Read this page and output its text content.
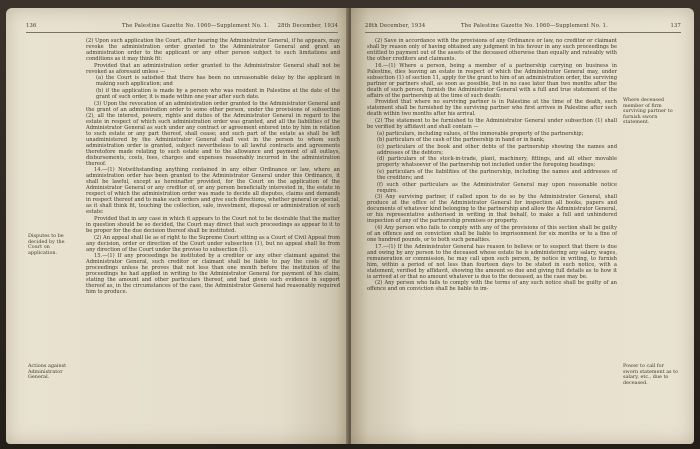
136	The Palestine Gazette No. 1060—Supplement No. 1. 28th December, 1934

(2) Upon such application the Court, after hearing the Administrator General, if he appears, may revoke the administration order granted to the Administrator General and grant an administration order to the applicant or any other person subject to such limitations and conditions as it may think fit:

Provided that an administration order granted to the Administrator General shall not be revoked as aforesaid unless —

(a) the Court is satisfied that there has been no unreasonable delay by the applicant in making such application; and

(b) if the application is made by a person who was resident in Palestine at the date of the grant of such order, it is made within one year after such date.

(3) Upon the revocation of an administration order granted to the Administrator General and the grant of an administration order to some other person, under the provisions of subsection (2), all the interest, powers, rights and duties of the Administrator General in regard to the estate in respect of which such administration order was granted, and all the liabilities of the Administrator General as such under any contract or agreement entered into by him in relation to such estate or any part thereof, shall cease; and such part of the estate as shall be left unadministered by the Administrator General shall vest in the person to whom such administration order is granted, subject nevertheless to all lawful contracts and agreements theretofore made relating to such estate and to the allowance and payment of all outlays, disbursements, costs, fees, charges and expenses reasonably incurred in the administration thereof.

14.—(1) Notwithstanding anything contained in any other Ordinance or law, where an administration order has been granted to the Administrator General under this Ordinance, it shall be lawful, except as hereinafter provided, for the Court on the application of the Administrator General or any creditor of, or any person beneficially interested in, the estate in respect of which the administration order was made to decide all disputes, claims and demands in respect thereof and to make such orders and give such directions, whether general or special, as it shall think fit, touching the collection, sale, investment, disposal or administration of such estate:

Provided that in any case in which it appears to the Court not to be desirable that the matter in question should be so decided, the Court may direct that such proceedings as appear to it to be proper for the due decision thereof shall be instituted.

(2) An appeal shall lie as of right to the Supreme Court sitting as a Court of Civil Appeal from any decision, order or direction of the Court under subsection (1), but no appeal shall lie from any direction of the Court under the proviso to subsection (1).

15.—(1) If any proceedings be instituted by a creditor or any other claimant against the Administrator General, such creditor or claimant shall be liable to pay the costs of the proceedings unless he proves that not less than one month before the institution of the proceedings he had applied in writing to the Administrator General for payment of his claim, stating the amount and other particulars thereof, and had given such evidence in support thereof as, in the circumstances of the case, the Administrator General had reasonably required him to produce.

Disputes to be decided by the Court on application.
Actions against Administrator General.
28th December, 1934	The Palestine Gazette No. 1060—Supplement No. 1.	137

(2) Save in accordance with the provisions of any Ordinance or law, no creditor or claimant shall by reason only of having obtained any judgment in his favour in any such proceedings be entitled to payment out of the assets of the deceased otherwise than equally and rateably with the other creditors and claimants.

16.—(1) Where a person, being a member of a partnership carrying on business in Palestine, dies leaving an estate in respect of which the Administrator General may, under subsection (1) of section 11, apply for the grant to him of an administration order, the surviving partner or partners shall, as soon as possible, but in no case later than two months after the death of such person, furnish the Administrator General with a full and true statement of the affairs of the partnership at the time of such death:

Provided that where no surviving partner is in Palestine at the time of the death, such statement shall be furnished by the surviving partner who first arrives in Palestine after such death within two months after his arrival.

(2) The statement to be furnished to the Administrator General under subsection (1) shall be verified by affidavit and shall contain —

(a) particulars, including values, of the immovable property of the partnership;

(b) particulars of the cash of the partnership in hand or in bank;

(c) particulars of the book and other debts of the partnership showing the names and addresses of the debtors;

(d) particulars of the stock-in-trade, plant, machinery, fittings, and all other movable property whatsoever of the partnership not included under the foregoing headings;

(e) particulars of the liabilities of the partnership, including the names and addresses of the creditors; and

(f) such other particulars as the Administrator General may upon reasonable notice require.

(3) Any surviving partner, if called upon to do so by the Administrator General, shall produce at the office of the Administrator General for inspection all books, papers and documents of whatever kind belonging to the partnership and allow the Administrator General, or his representative authorised in writing in that behalf, to make a full and unhindered inspection of any of the partnership premises or property.

(4) Any person who fails to comply with any of the provisions of this section shall be guilty of an offence and on conviction shall be liable to imprisonment for six months or to a fine of one hundred pounds, or to both such penalties.

17.—(1) If the Administrator General has reason to believe or to suspect that there is due and owing by any person to the deceased whose estate he is administering any salary, wages, remuneration or commission, he may call upon such person, by notice in writing, to furnish him, within a period of not less than fourteen days to be stated in such notice, with a statement, verified by affidavit, showing the amount so due and giving full details as to how it is arrived at or that no amount whatever is due to the deceased, as the case may be.

(2) Any person who fails to comply with the terms of any such notice shall be guilty of an offence and on conviction shall be liable to im-

Where deceased member of firm surviving partner to furnish sworn statement.
Power to call for sworn statement as to salary, etc., due to deceased.
